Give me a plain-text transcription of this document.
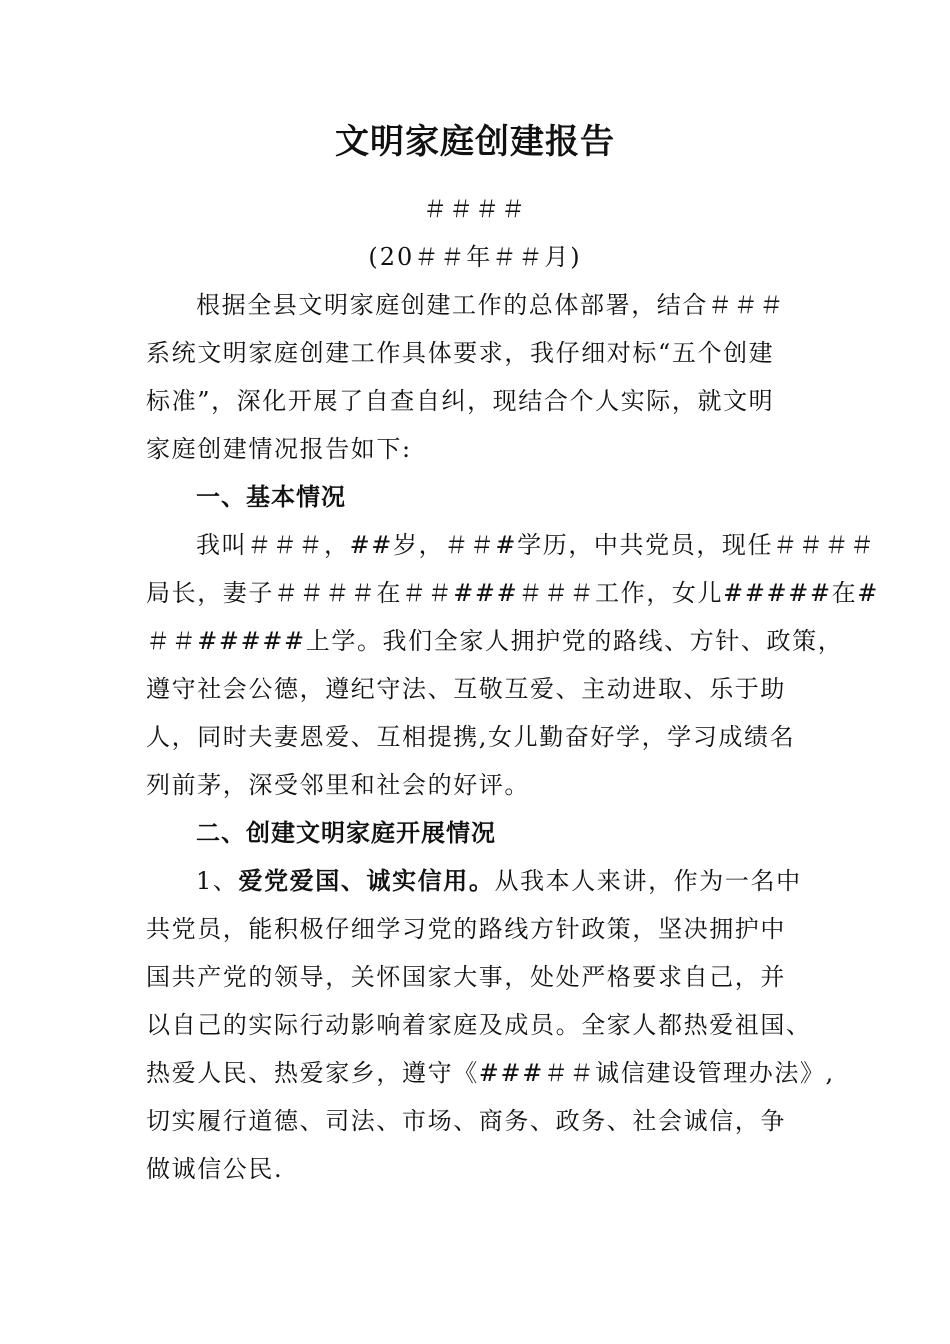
文明家庭创建报告
＃＃＃＃
(20＃＃年＃＃月)
根据全县文明家庭创建工作的总体部署，结合＃＃＃
系统文明家庭创建工作具体要求，我仔细对标“五个创建
标准”，深化开展了自查自纠，现结合个人实际，就文明
家庭创建情况报告如下:
一、基本情况
我叫＃＃＃，##岁，＃＃#学历，中共党员，现任＃＃＃＃
局长，妻子＃＃＃＃在＃＃###＃＃＃工作，女儿#####在#
＃＃#####上学。我们全家人拥护党的路线、方针、政策，
遵守社会公德，遵纪守法、互敬互爱、主动进取、乐于助
人，同时夫妻恩爱、互相提携,女儿勤奋好学，学习成绩名
列前茅，深受邻里和社会的好评。
二、创建文明家庭开展情况
1、爱党爱国、诚实信用。从我本人来讲，作为一名中
共党员，能积极仔细学习党的路线方针政策，坚决拥护中
国共产党的领导，关怀国家大事，处处严格要求自己，并
以自己的实际行动影响着家庭及成员。全家人都热爱祖国、
热爱人民、热爱家乡，遵守《###＃＃诚信建设管理办法》,
切实履行道德、司法、市场、商务、政务、社会诚信，争
做诚信公民.
